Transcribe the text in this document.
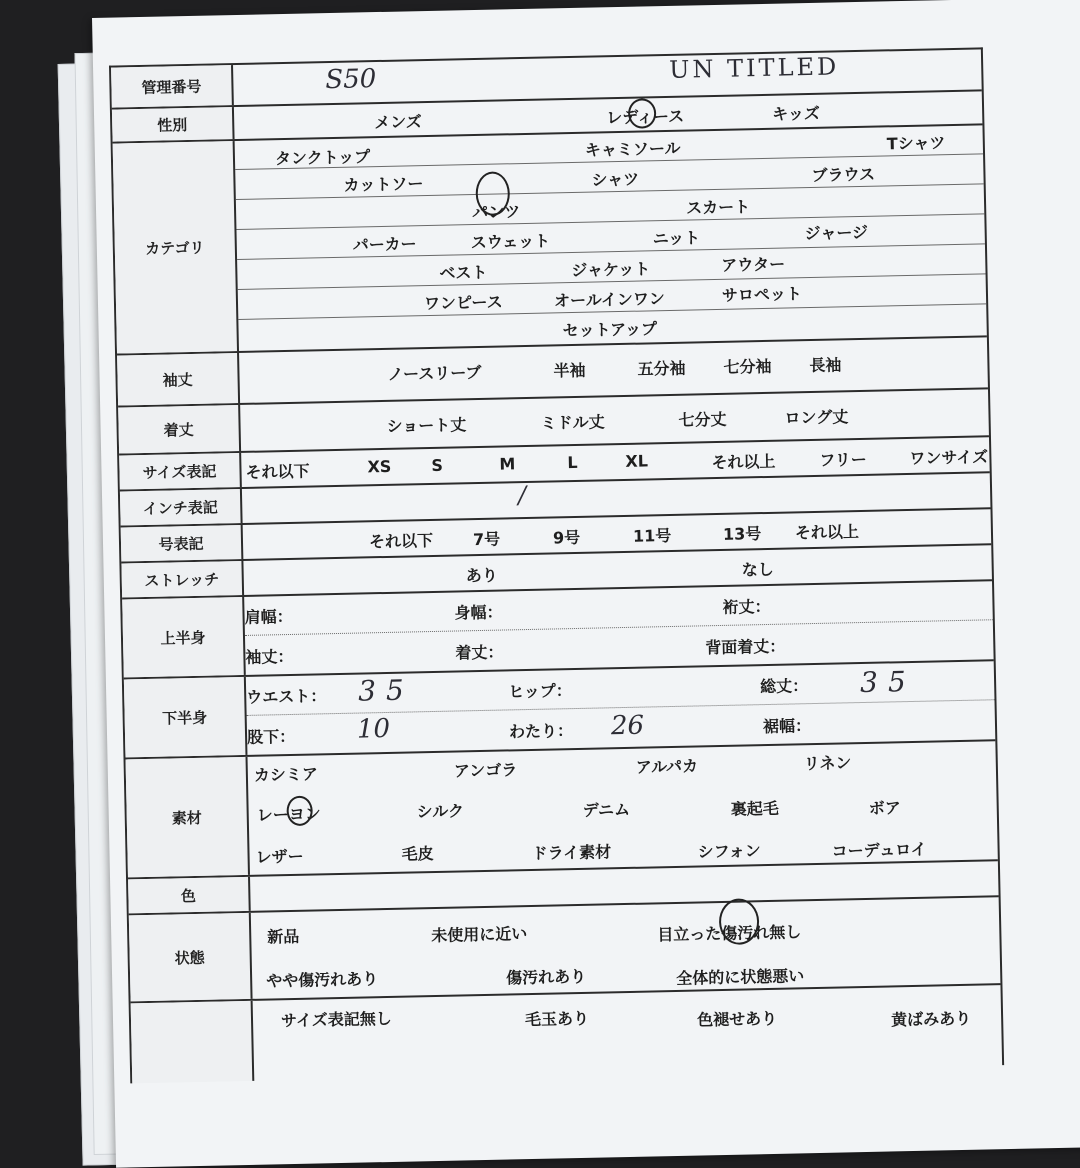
管理番号	S50	UN TITLED
性別	メンズ	レディース	キッズ
カテゴリ
タンクトップ	キャミソール	Tシャツ
カットソー	シャツ	ブラウス
パンツ	スカート
パーカー	スウェット	ニット	ジャージ
ベスト	ジャケット	アウター
ワンピース	オールインワン	サロペット
セットアップ
袖丈	ノースリーブ	半袖	五分袖 七分袖 長袖
着丈	ショート丈	ミドル丈	七分丈	ロング丈
サイズ表記	それ以下	XS S	M	L	XL	それ以上	フリー	ワンサイズ
インチ表記	/
号表記	それ以下 7号	9号	11号	13号 それ以上
ストレッチ	あり	なし
上半身
肩幅：	身幅：	裄丈：
袖丈：	着丈：	背面着丈：
下半身
ウエスト： 35	ヒップ：	総丈： 35
股下： 10	わたり： 26	裾幅：
素材
カシミア	アンゴラ	アルパカ	リネン
レーヨン	シルク	デニム	裏起毛	ボア
レザー	毛皮	ドライ素材	シフォン	コーデュロイ
色
状態
新品	未使用に近い	目立った傷汚れ無し
やや傷汚れあり	傷汚れあり	全体的に状態悪い
サイズ表記無し	毛玉あり	色褪せあり	黄ばみあり
